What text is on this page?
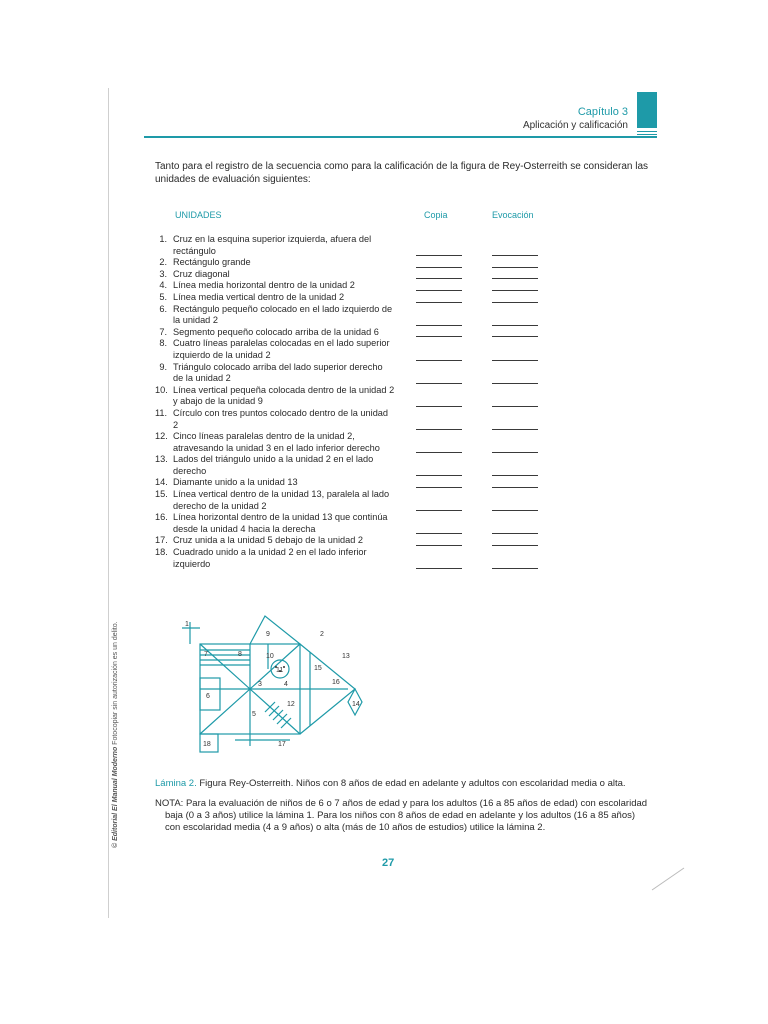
© Editorial El Manual Moderno Fotocopiar sin autorización es un delito.
Capítulo 3
Aplicación y calificación
Tanto para el registro de la secuencia como para la calificación de la figura de Rey-Osterreith se consideran las unidades de evaluación siguientes:
UNIDADES	Copia	Evocación
1. Cruz en la esquina superior izquierda, afuera del rectángulo
2. Rectángulo grande
3. Cruz diagonal
4. Línea media horizontal dentro de la unidad 2
5. Línea media vertical dentro de la unidad 2
6. Rectángulo pequeño colocado en el lado izquierdo de la unidad 2
7. Segmento pequeño colocado arriba de la unidad 6
8. Cuatro líneas paralelas colocadas en el lado superior izquierdo de la unidad 2
9. Triángulo colocado arriba del lado superior derecho de la unidad 2
10. Línea vertical pequeña colocada dentro de la unidad 2 y abajo de la unidad 9
11. Círculo con tres puntos colocado dentro de la unidad 2
12. Cinco líneas paralelas dentro de la unidad 2, atravesando la unidad 3 en el lado inferior derecho
13. Lados del triángulo unido a la unidad 2 en el lado derecho
14. Diamante unido a la unidad 13
15. Línea vertical dentro de la unidad 13, paralela al lado derecho de la unidad 2
16. Línea horizontal dentro de la unidad 13 que continúa desde la unidad 4 hacia la derecha
17. Cruz unida a la unidad 5 debajo de la unidad 2
18. Cuadrado unido a la unidad 2 en el lado inferior izquierdo
1
2
3	4
5
6
7	8
9
10
11
12
13
14
15
16
17
18
Lámina 2. Figura Rey-Osterreith. Niños con 8 años de edad en adelante y adultos con escolaridad media o alta.
NOTA: Para la evaluación de niños de 6 o 7 años de edad y para los adultos (16 a 85 años de edad) con escolaridad
baja (0 a 3 años) utilice la lámina 1. Para los niños con 8 años de edad en adelante y los adultos (16 a 85 años)
con escolaridad media (4 a 9 años) o alta (más de 10 años de estudios) utilice la lámina 2.
27
